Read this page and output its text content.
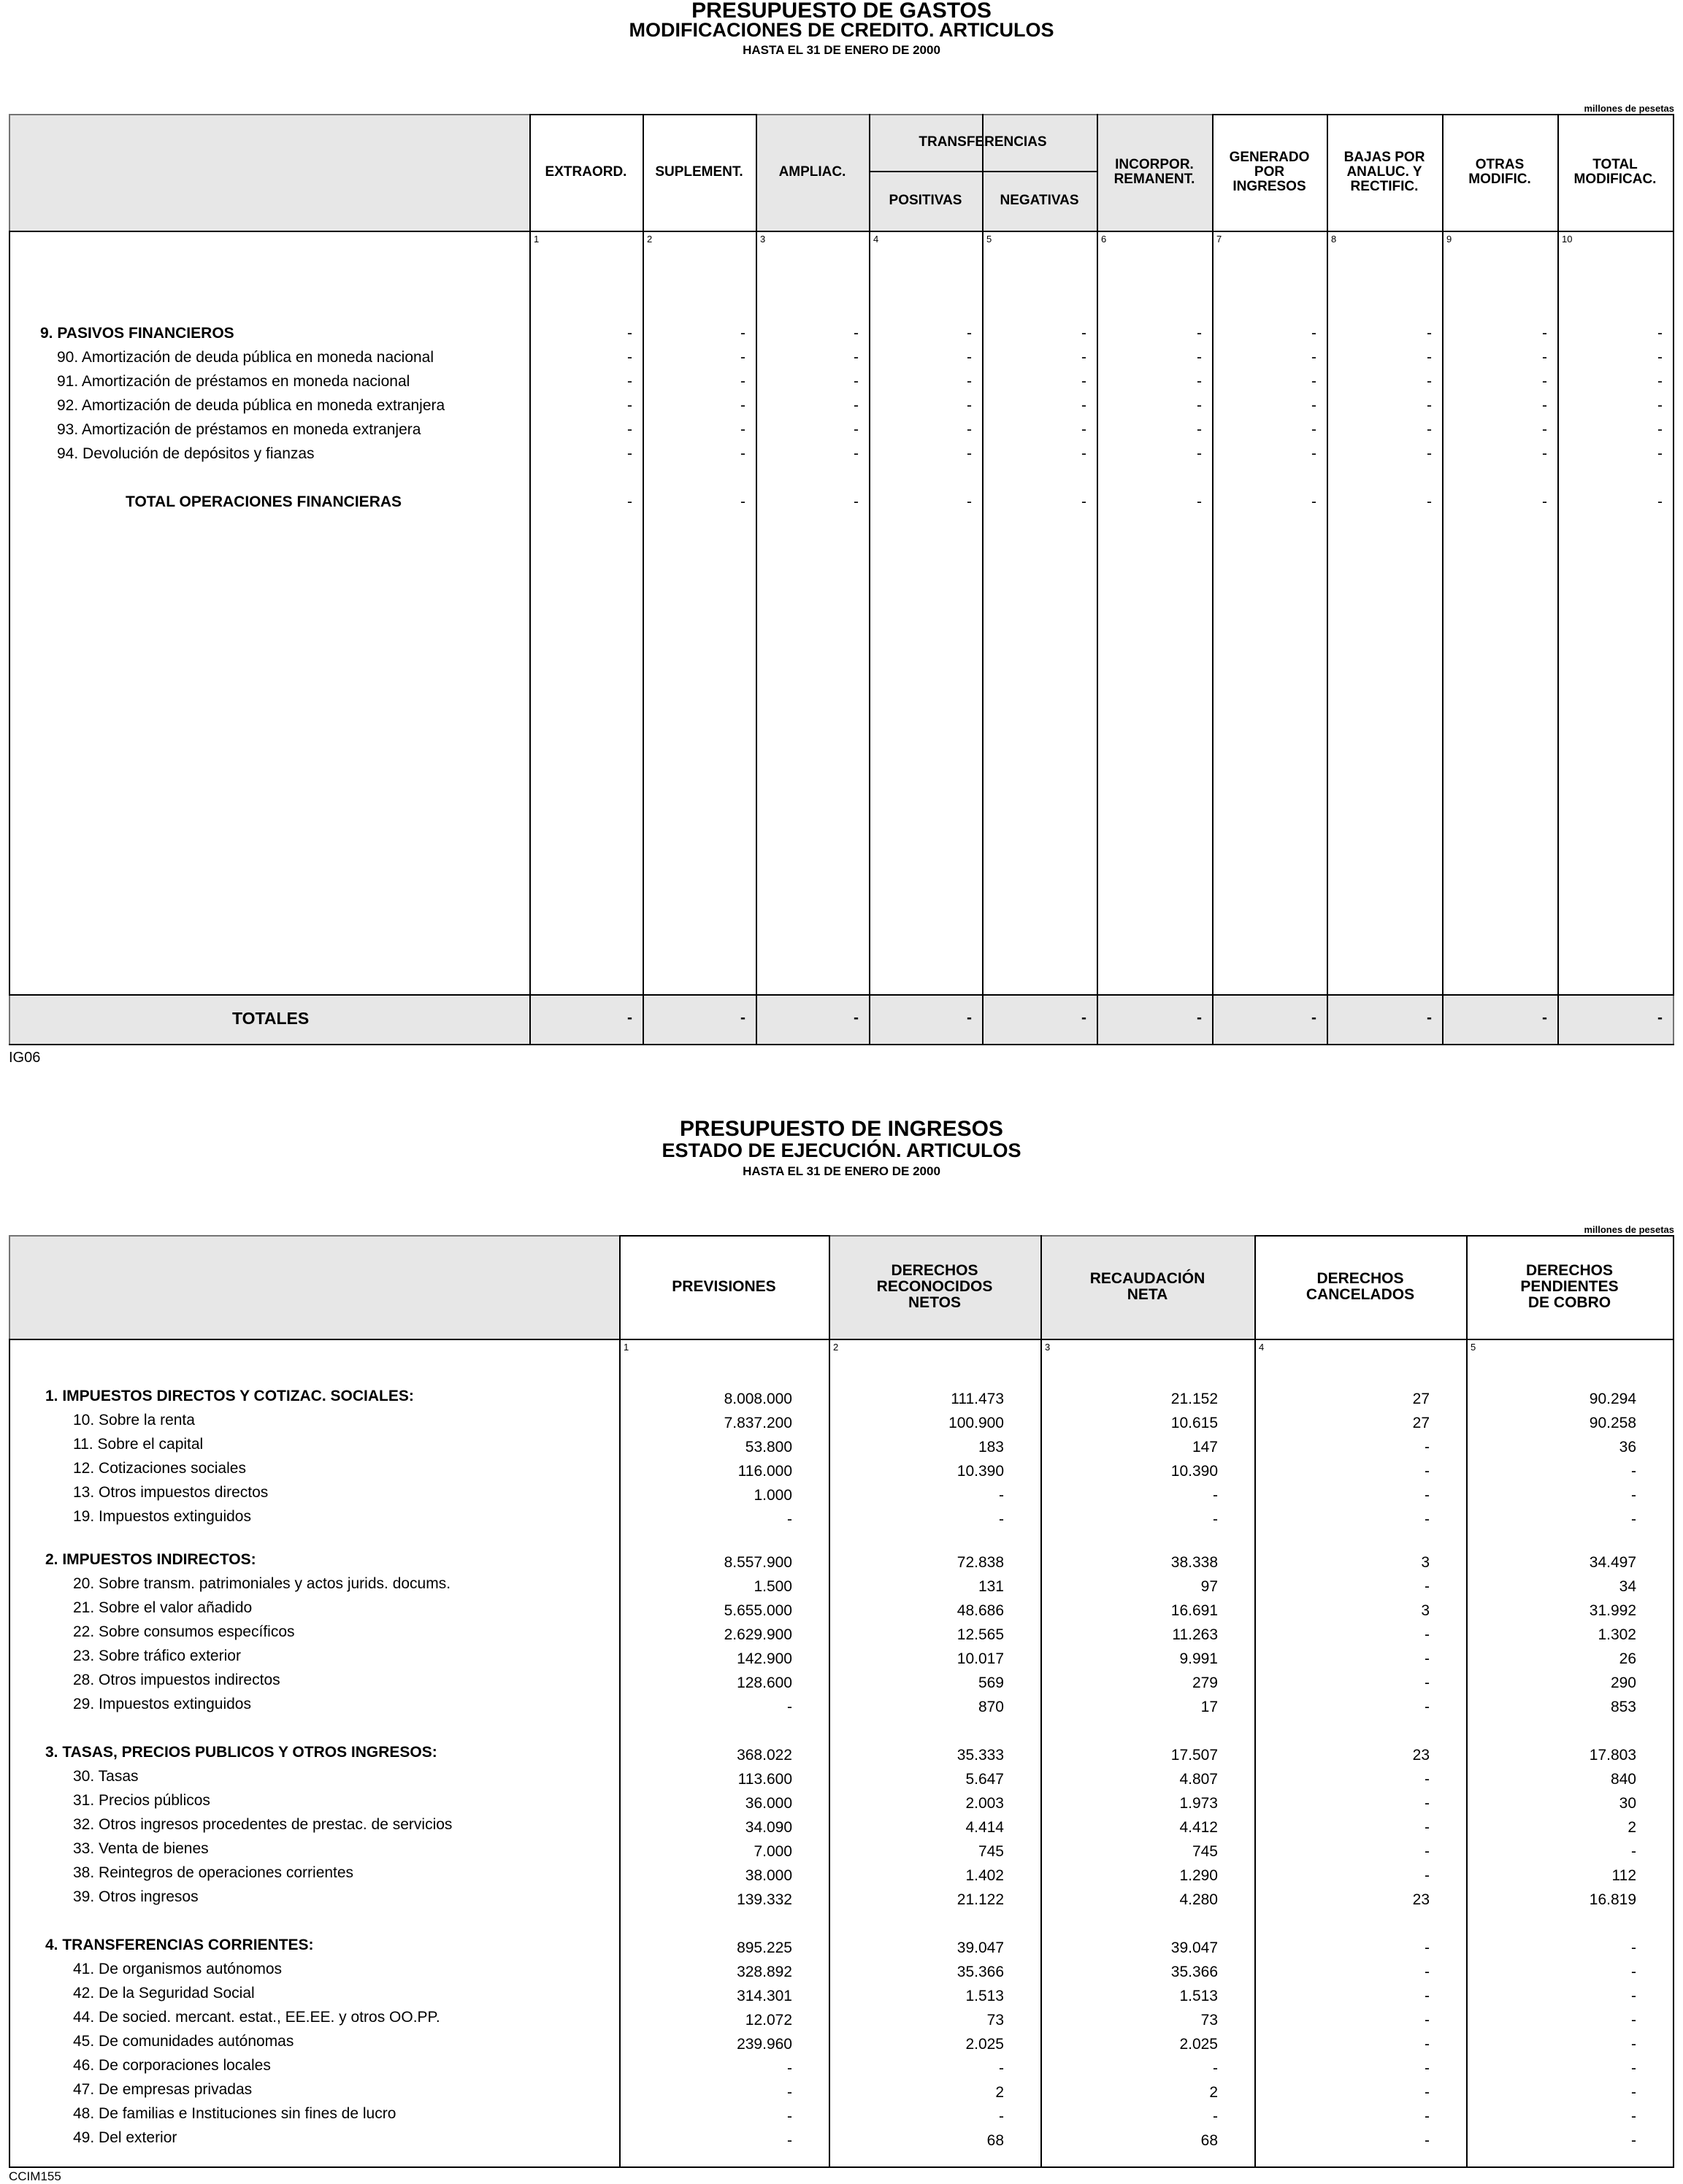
PRESUPUESTO DE GASTOS
MODIFICACIONES DE CREDITO. ARTICULOS
HASTA EL 31 DE ENERO DE 2000
millones de pesetas
EXTRAORD.	SUPLEMENT.	AMPLIAC.
TRANSFERENCIAS
POSITIVAS	NEGATIVAS
INCORPOR.
REMANENT.
GENERADO
POR
INGRESOS
BAJAS POR
ANALUC. Y
RECTIFIC.
OTRAS
MODIFIC.
TOTAL
MODIFICAC.
1	2	3	4	5	6	7	8	9	10
9. PASIVOS FINANCIEROS	-	-	-	-	-	-	-	-	-	-
90. Amortización de deuda pública en moneda nacional	-	-	-	-	-	-	-	-	-	-
91. Amortización de préstamos en moneda nacional	-	-	-	-	-	-	-	-	-	-
92. Amortización de deuda pública en moneda extranjera	-	-	-	-	-	-	-	-	-	-
93. Amortización de préstamos en moneda extranjera	-	-	-	-	-	-	-	-	-	-
94. Devolución de depósitos y fianzas	-	-	-	-	-	-	-	-	-	-
TOTAL OPERACIONES FINANCIERAS	-	-	-	-	-	-	-	-	-	-
TOTALES	-	-	-	-	-	-	-	-	-	-
IG06
PRESUPUESTO DE INGRESOS
ESTADO DE EJECUCIÓN. ARTICULOS
HASTA EL 31 DE ENERO DE 2000
millones de pesetas
PREVISIONES
DERECHOS
RECONOCIDOS
NETOS
RECAUDACIÓN
NETA
DERECHOS
CANCELADOS
DERECHOS
PENDIENTES
DE COBRO
1	2	3	4	5
1. IMPUESTOS DIRECTOS Y COTIZAC. SOCIALES:	8.008.000	111.473	21.152	27	90.294
10. Sobre la renta	7.837.200	100.900	10.615	27	90.258
11. Sobre el capital	53.800	183	147	-	36
12. Cotizaciones sociales	116.000	10.390	10.390	-	-
13. Otros impuestos directos	1.000	-	-	-	-
19. Impuestos extinguidos	-	-	-	-	-
2. IMPUESTOS INDIRECTOS:	8.557.900	72.838	38.338	3	34.497
20. Sobre transm. patrimoniales y actos jurids. docums.	1.500	131	97	-	34
21. Sobre el valor añadido	5.655.000	48.686	16.691	3	31.992
22. Sobre consumos específicos	2.629.900	12.565	11.263	-	1.302
23. Sobre tráfico exterior	142.900	10.017	9.991	-	26
28. Otros impuestos indirectos	128.600	569	279	-	290
29. Impuestos extinguidos	-	870	17	-	853
3. TASAS, PRECIOS PUBLICOS Y OTROS INGRESOS:	368.022	35.333	17.507	23	17.803
30. Tasas	113.600	5.647	4.807	-	840
31. Precios públicos	36.000	2.003	1.973	-	30
32. Otros ingresos procedentes de prestac. de servicios	34.090	4.414	4.412	-	2
33. Venta de bienes	7.000	745	745	-	-
38. Reintegros de operaciones corrientes	38.000	1.402	1.290	-	112
39. Otros ingresos	139.332	21.122	4.280	23	16.819
4. TRANSFERENCIAS CORRIENTES:	895.225	39.047	39.047	-	-
41. De organismos autónomos	328.892	35.366	35.366	-	-
42. De la Seguridad Social	314.301	1.513	1.513	-	-
44. De socied. mercant. estat., EE.EE. y otros OO.PP.	12.072	73	73	-	-
45. De comunidades autónomas	239.960	2.025	2.025	-	-
46. De corporaciones locales	-	-	-	-	-
47. De empresas privadas	-	2	2	-	-
48. De familias e Instituciones sin fines de lucro	-	-	-	-	-
49. Del exterior	-	68	68	-	-
CCIM155
